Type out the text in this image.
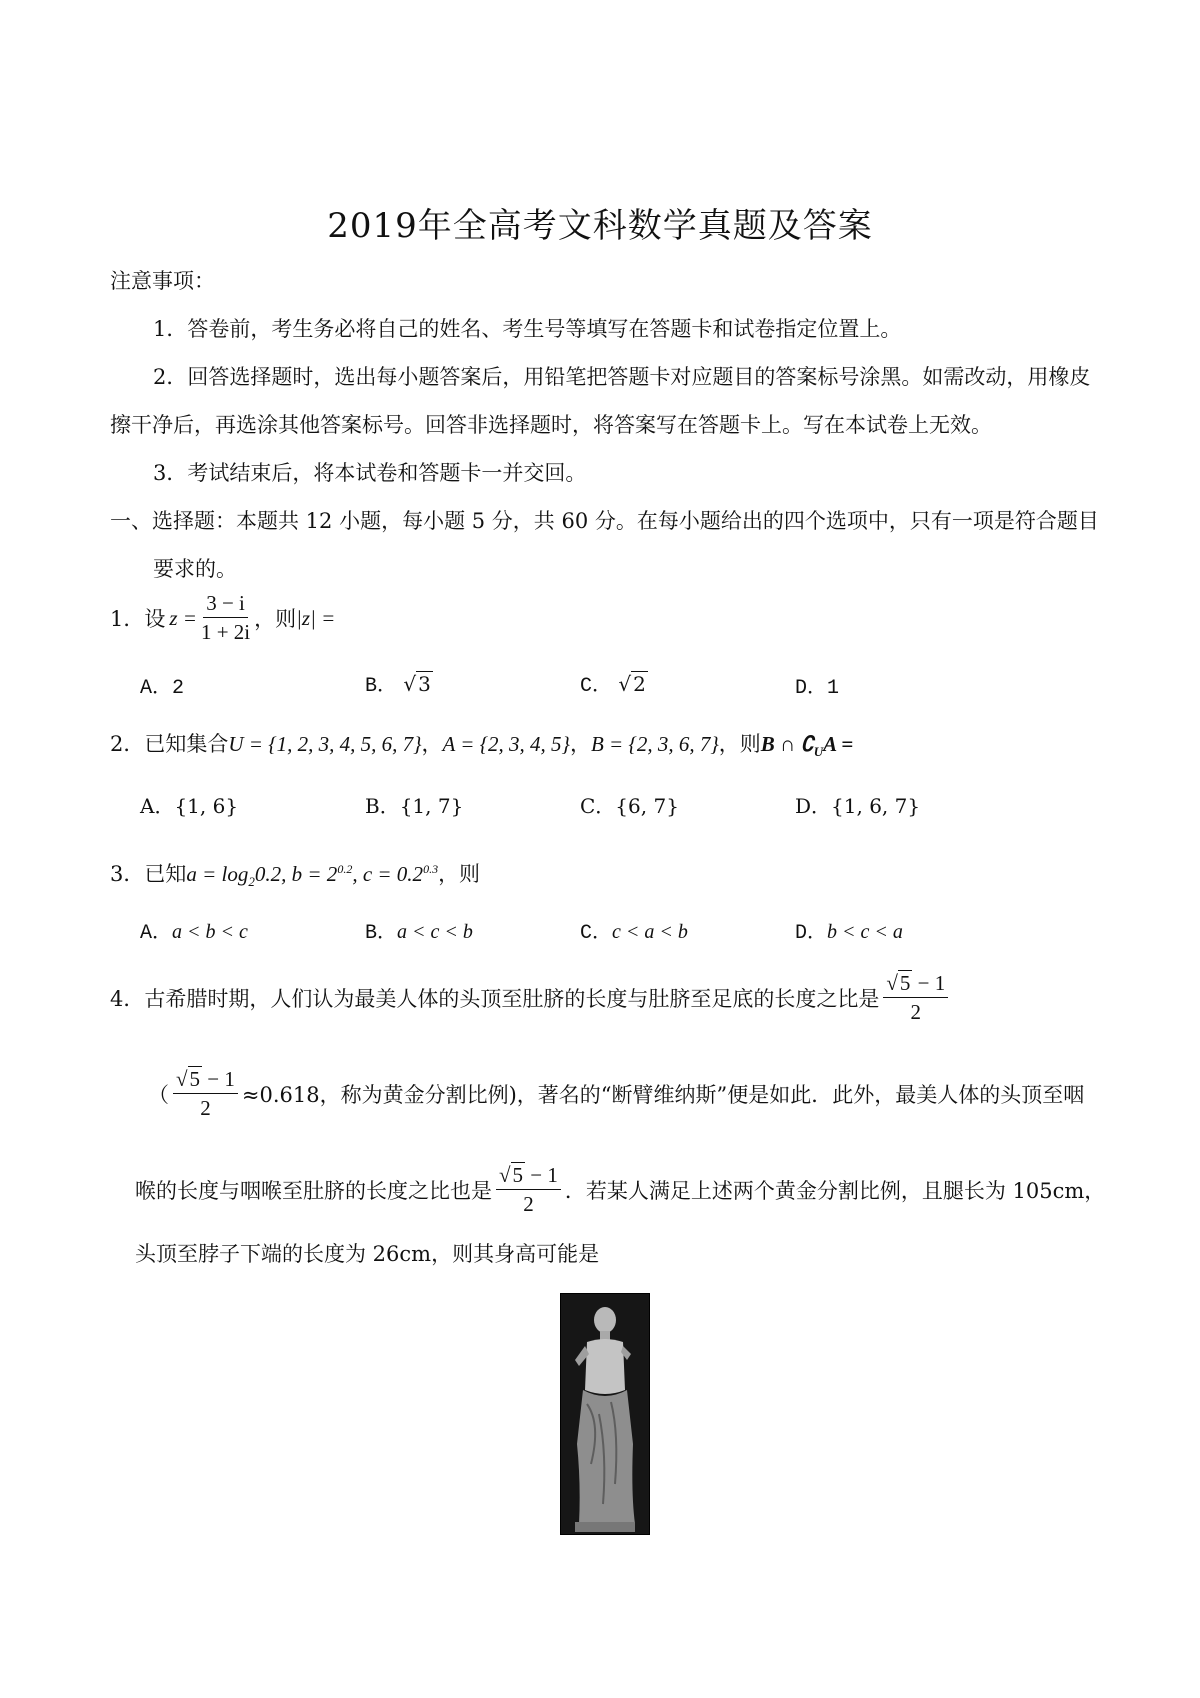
2019年全高考文科数学真题及答案
注意事项：
1．答卷前，考生务必将自己的姓名、考生号等填写在答题卡和试卷指定位置上。
2．回答选择题时，选出每小题答案后，用铅笔把答题卡对应题目的答案标号涂黑。如需改动，用橡皮
擦干净后，再选涂其他答案标号。回答非选择题时，将答案写在答题卡上。写在本试卷上无效。
3．考试结束后，将本试卷和答题卡一并交回。
一、选择题：本题共 12 小题，每小题 5 分，共 60 分。在每小题给出的四个选项中，只有一项是符合题目
要求的。
1．设 $z = \frac{3 - i}{1 + 2i}$ ，则 |z| =
A．2	B． √ 3	C． √ 2	D．1
2．已知集合U = {1, 2, 3, 4, 5, 6, 7}，A = {2, 3, 4, 5}，B = {2, 3, 6, 7}，则B ∩ $∁_UA$ =
A．{1, 6}	B．{1, 7}	C．{6, 7}	D．{1, 6, 7}
3．已知$a = \log_20.2$, $b = 2^{0.2}$, $c = 0.2^{0.3}$，则
A．a < b < c	B．a < c < b	C．c < a < b	D．b < c < a
4．古希腊时期，人们认为最美人体的头顶至肚脐的长度与肚脐至足底的长度之比是 $\frac{√5 - 1}{2}$
（ $\frac{√5 - 1}{2} \approx 0.618$，称为黄金分割比例)，著名的“断臂维纳斯”便是如此．此外，最美人体的头顶至咽
喉的长度与咽喉至肚脐的长度之比也是 $\frac{√5 - 1}{2}$ ．若某人满足上述两个黄金分割比例，且腿长为 105cm，
头顶至脖子下端的长度为 26cm，则其身高可能是
